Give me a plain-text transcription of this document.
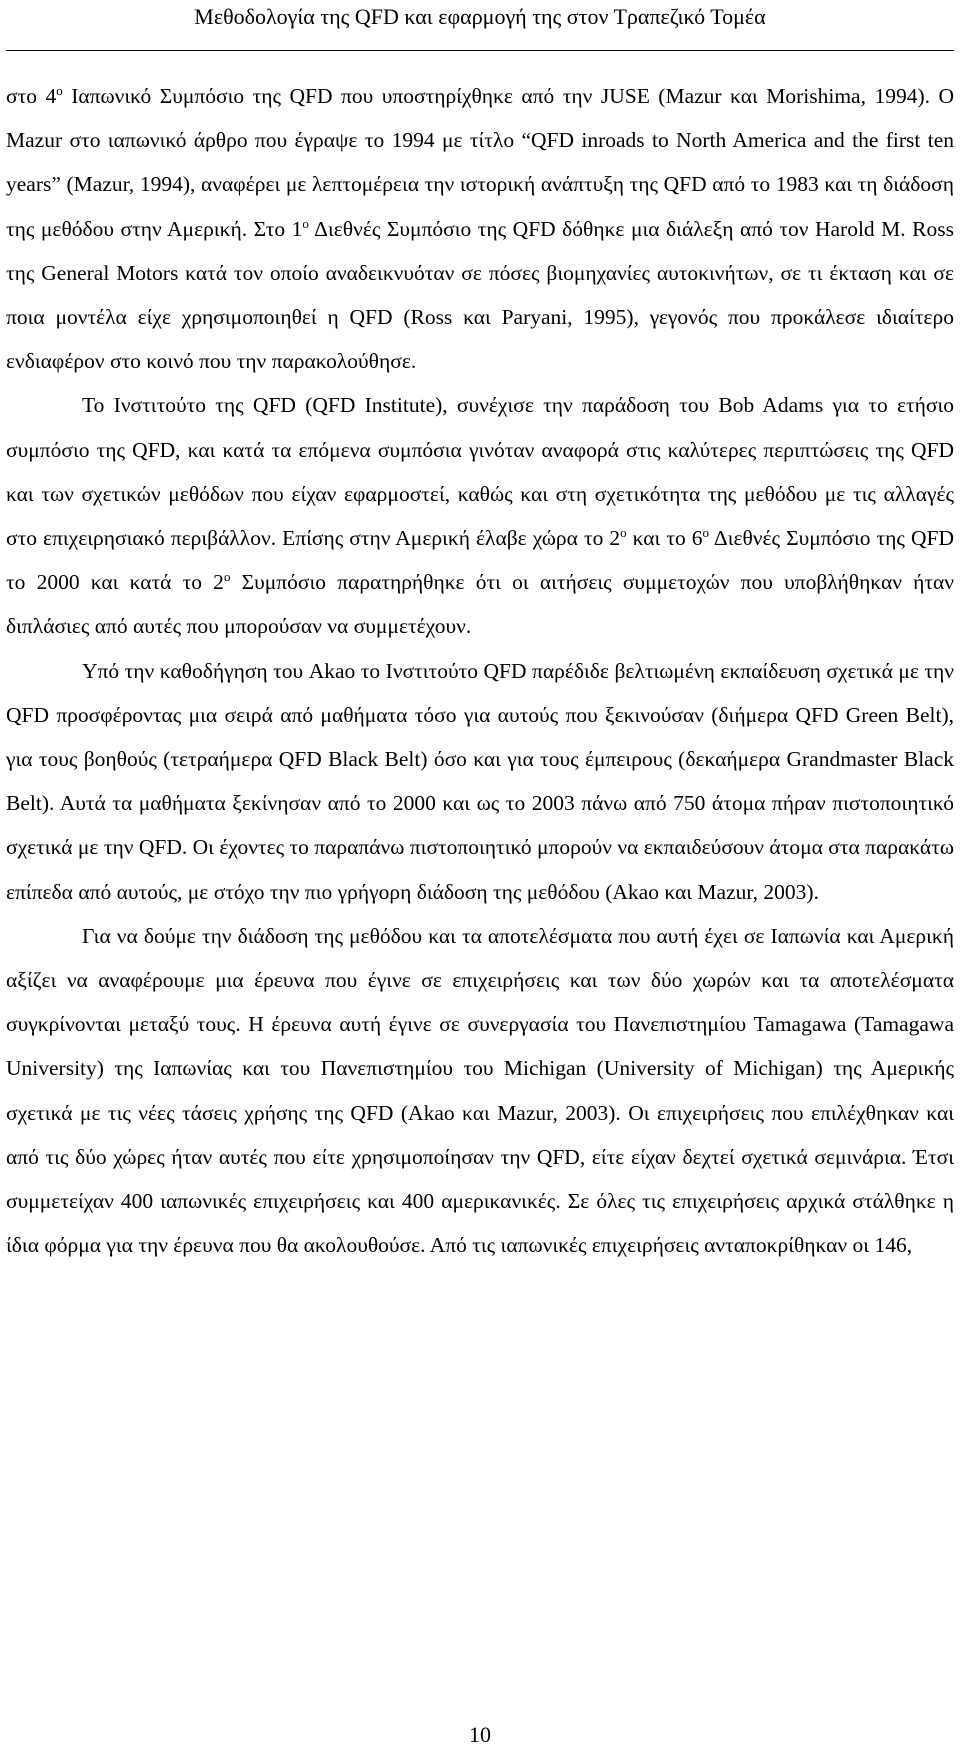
Μεθοδολογία της QFD και εφαρμογή της στον Τραπεζικό Τομέα

στο $4^o$ Ιαπωνικό Συμπόσιο της QFD που υποστηρίχθηκε από την JUSE (Mazur και Morishima, 1994). Ο Mazur στο ιαπωνικό άρθρο που έγραψε το 1994 με τίτλο “QFD inroads to North America and the first ten years” (Mazur, 1994), αναφέρει με λεπτομέρεια την ιστορική ανάπτυξη της QFD από το 1983 και τη διάδοση της μεθόδου στην Αμερική. Στο $1^o$ Διεθνές Συμπόσιο της QFD δόθηκε μια διάλεξη από τον Harold M. Ross της General Motors κατά τον οποίο αναδεικνυόταν σε πόσες βιομηχανίες αυτοκινήτων, σε τι έκταση και σε ποια μοντέλα είχε χρησιμοποιηθεί η QFD (Ross και Paryani, 1995), γεγονός που προκάλεσε ιδιαίτερο ενδιαφέρον στο κοινό που την παρακολούθησε.

Το Ινστιτούτο της QFD (QFD Institute), συνέχισε την παράδοση του Bob Adams για το ετήσιο συμπόσιο της QFD, και κατά τα επόμενα συμπόσια γινόταν αναφορά στις καλύτερες περιπτώσεις της QFD και των σχετικών μεθόδων που είχαν εφαρμοστεί, καθώς και στη σχετικότητα της μεθόδου με τις αλλαγές στο επιχειρησιακό περιβάλλον. Επίσης στην Αμερική έλαβε χώρα το $2^o$ και το $6^o$ Διεθνές Συμπόσιο της QFD το 2000 και κατά το $2^o$ Συμπόσιο παρατηρήθηκε ότι οι αιτήσεις συμμετοχών που υποβλήθηκαν ήταν διπλάσιες από αυτές που μπορούσαν να συμμετέχουν.

Υπό την καθοδήγηση του Akao το Ινστιτούτο QFD παρέδιδε βελτιωμένη εκπαίδευση σχετικά με την QFD προσφέροντας μια σειρά από μαθήματα τόσο για αυτούς που ξεκινούσαν (διήμερα QFD Green Belt), για τους βοηθούς (τετραήμερα QFD Black Belt) όσο και για τους έμπειρους (δεκαήμερα Grandmaster Black Belt). Αυτά τα μαθήματα ξεκίνησαν από το 2000 και ως το 2003 πάνω από 750 άτομα πήραν πιστοποιητικό σχετικά με την QFD. Οι έχοντες το παραπάνω πιστοποιητικό μπορούν να εκπαιδεύσουν άτομα στα παρακάτω επίπεδα από αυτούς, με στόχο την πιο γρήγορη διάδοση της μεθόδου (Akao και Mazur, 2003).

Για να δούμε την διάδοση της μεθόδου και τα αποτελέσματα που αυτή έχει σε Ιαπωνία και Αμερική αξίζει να αναφέρουμε μια έρευνα που έγινε σε επιχειρήσεις και των δύο χωρών και τα αποτελέσματα συγκρίνονται μεταξύ τους. Η έρευνα αυτή έγινε σε συνεργασία του Πανεπιστημίου Tamagawa (Tamagawa University) της Ιαπωνίας και του Πανεπιστημίου του Michigan (University of Michigan) της Αμερικής σχετικά με τις νέες τάσεις χρήσης της QFD (Akao και Mazur, 2003). Οι επιχειρήσεις που επιλέχθηκαν και από τις δύο χώρες ήταν αυτές που είτε χρησιμοποίησαν την QFD, είτε είχαν δεχτεί σχετικά σεμινάρια. Έτσι συμμετείχαν 400 ιαπωνικές επιχειρήσεις και 400 αμερικανικές. Σε όλες τις επιχειρήσεις αρχικά στάλθηκε η ίδια φόρμα για την έρευνα που θα ακολουθούσε. Από τις ιαπωνικές επιχειρήσεις ανταποκρίθηκαν οι 146,

10
